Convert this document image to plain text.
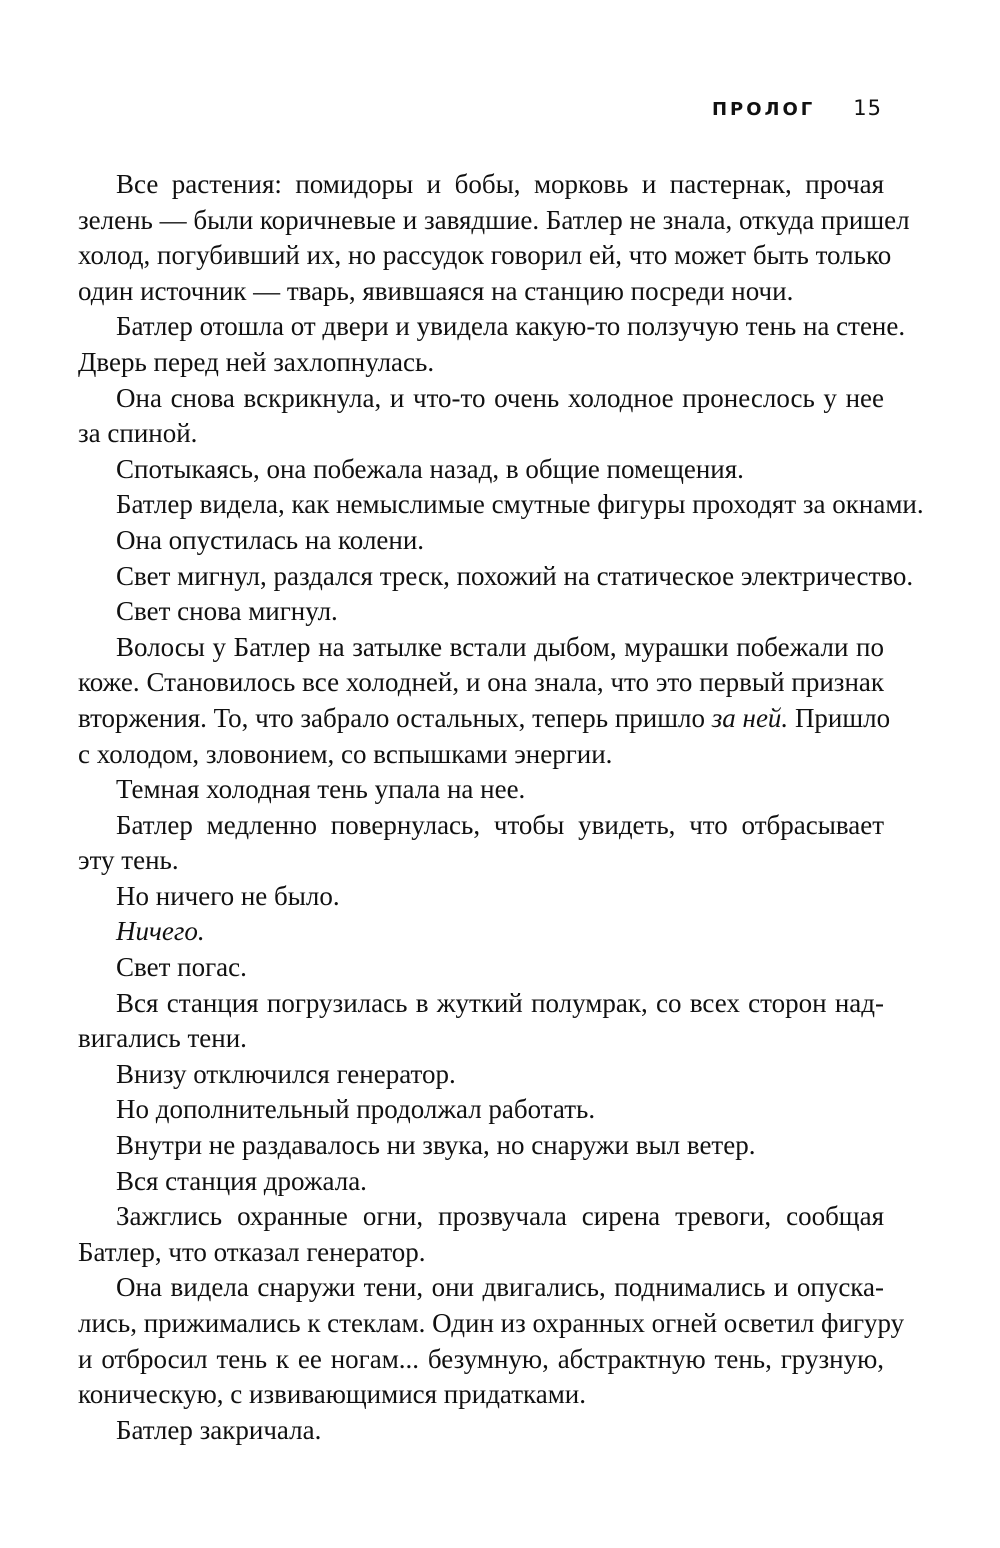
ПРОЛОГ 15
Все растения: помидоры и бобы, морковь и пастернак, прочая
зелень — были коричневые и завядшие. Батлер не знала, откуда пришел
холод, погубивший их, но рассудок говорил ей, что может быть только
один источник — тварь, явившаяся на станцию посреди ночи.
Батлер отошла от двери и увидела какую-то ползучую тень на стене.
Дверь перед ней захлопнулась.
Она снова вскрикнула, и что-то очень холодное пронеслось у нее
за спиной.
Спотыкаясь, она побежала назад, в общие помещения.
Батлер видела, как немыслимые смутные фигуры проходят за окнами.
Она опустилась на колени.
Свет мигнул, раздался треск, похожий на статическое электричество.
Свет снова мигнул.
Волосы у Батлер на затылке встали дыбом, мурашки побежали по
коже. Становилось все холодней, и она знала, что это первый признак
вторжения. То, что забрало остальных, теперь пришло за ней. Пришло
с холодом, зловонием, со вспышками энергии.
Темная холодная тень упала на нее.
Батлер медленно повернулась, чтобы увидеть, что отбрасывает
эту тень.
Но ничего не было.
Ничего.
Свет погас.
Вся станция погрузилась в жуткий полумрак, со всех сторон над-
вигались тени.
Внизу отключился генератор.
Но дополнительный продолжал работать.
Внутри не раздавалось ни звука, но снаружи выл ветер.
Вся станция дрожала.
Зажглись охранные огни, прозвучала сирена тревоги, сообщая
Батлер, что отказал генератор.
Она видела снаружи тени, они двигались, поднимались и опуска-
лись, прижимались к стеклам. Один из охранных огней осветил фигуру
и отбросил тень к ее ногам... безумную, абстрактную тень, грузную,
коническую, с извивающимися придатками.
Батлер закричала.
